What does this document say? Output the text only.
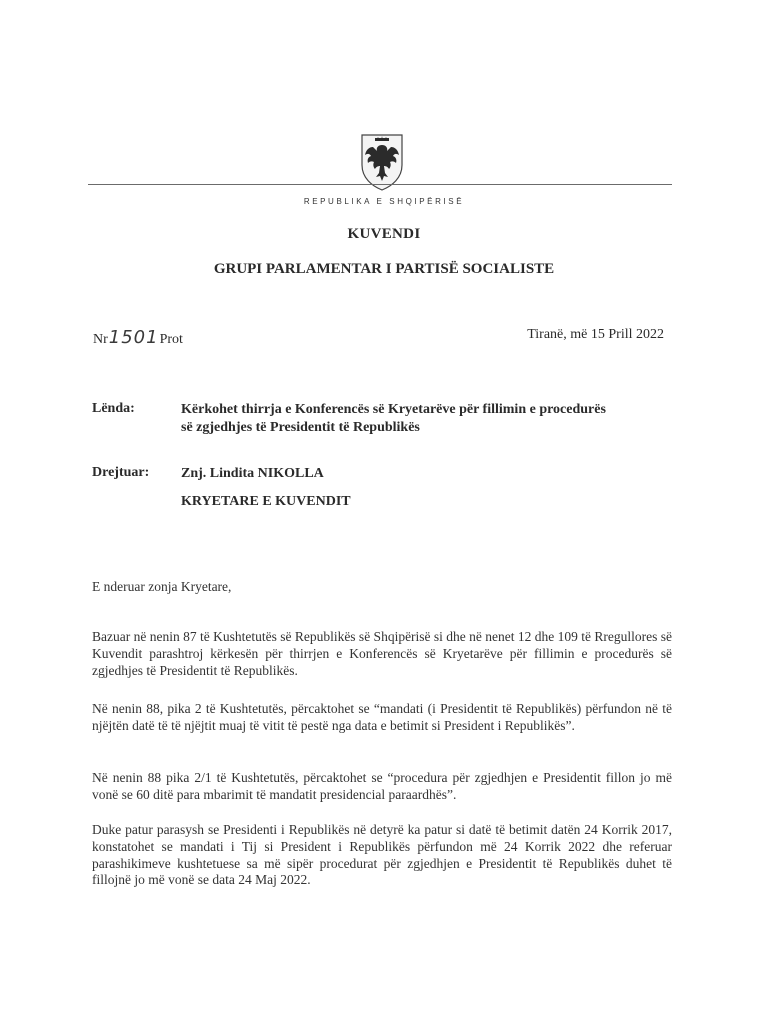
REPUBLIKA E SHQIPËRISË
KUVENDI
GRUPI PARLAMENTAR I PARTISË SOCIALISTE
Nr 1501 Prot	Tiranë, më 15 Prill 2022
Lënda:	Kërkohet thirrja e Konferencës së Kryetarëve për fillimin e procedurës
së zgjedhjes të Presidentit të Republikës
Drejtuar: Znj. Lindita NIKOLLA
KRYETARE E KUVENDIT
E nderuar zonja Kryetare,
Bazuar në nenin 87 të Kushtetutës së Republikës së Shqipërisë si dhe në nenet 12 dhe 109 të Rregullores së Kuvendit parashtroj kërkesën për thirrjen e Konferencës së Kryetarëve për fillimin e procedurës së zgjedhjes të Presidentit të Republikës.
Në nenin 88, pika 2 të Kushtetutës, përcaktohet se “mandati (i Presidentit të Republikës) përfundon në të njëjtën datë të të njëjtit muaj të vitit të pestë nga data e betimit si President i Republikës”.
Në nenin 88 pika 2/1 të Kushtetutës, përcaktohet se “procedura për zgjedhjen e Presidentit fillon jo më vonë se 60 ditë para mbarimit të mandatit presidencial paraardhës”.
Duke patur parasysh se Presidenti i Republikës në detyrë ka patur si datë të betimit datën 24 Korrik 2017, konstatohet se mandati i Tij si President i Republikës përfundon më 24 Korrik 2022 dhe referuar parashikimeve kushtetuese sa më sipër procedurat për zgjedhjen e Presidentit të Republikës duhet të fillojnë jo më vonë se data 24 Maj 2022.
